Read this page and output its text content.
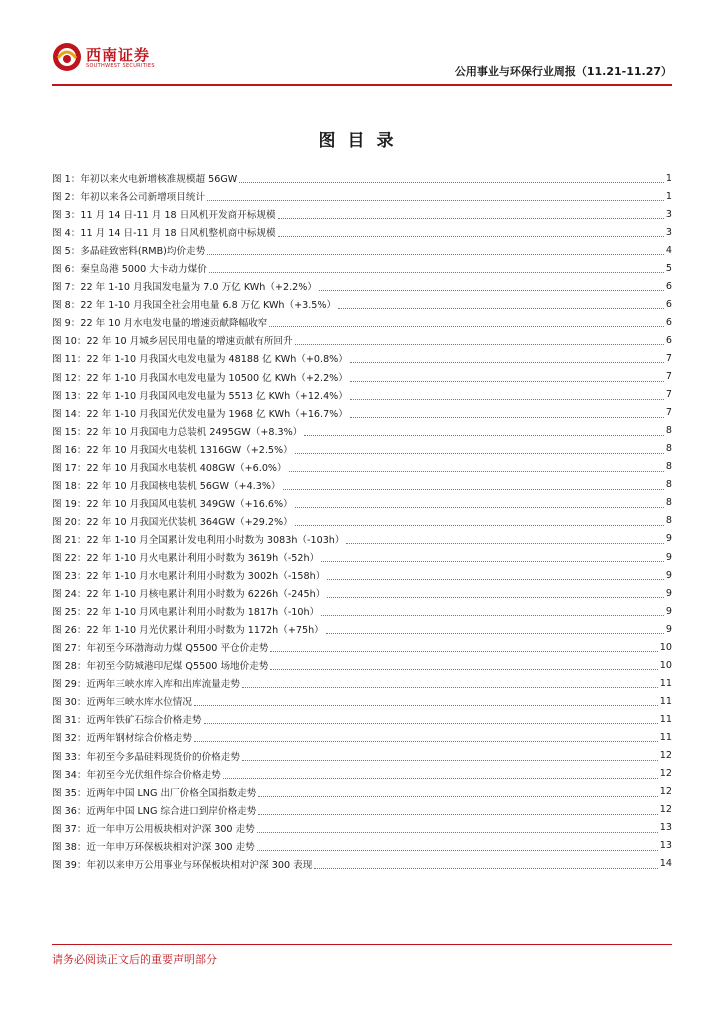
西南证券
SOUTHWEST SECURITIES	公用事业与环保行业周报（11.21-11.27）
图目录
图 1：年初以来火电新增核准规模超 56GW	1
图 2：年初以来各公司新增项目统计	1
图 3：11 月 14 日-11 月 18 日风机开发商开标规模	3
图 4：11 月 14 日-11 月 18 日风机整机商中标规模	3
图 5：多晶硅致密料(RMB)均价走势	4
图 6：秦皇岛港 5000 大卡动力煤价	5
图 7：22 年 1-10 月我国发电量为 7.0 万亿 KWh（+2.2%）	6
图 8：22 年 1-10 月我国全社会用电量 6.8 万亿 KWh（+3.5%）	6
图 9：22 年 10 月水电发电量的增速贡献降幅收窄	6
图 10：22 年 10 月城乡居民用电量的增速贡献有所回升	6
图 11：22 年 1-10 月我国火电发电量为 48188 亿 KWh（+0.8%）	7
图 12：22 年 1-10 月我国水电发电量为 10500 亿 KWh（+2.2%）	7
图 13：22 年 1-10 月我国风电发电量为 5513 亿 KWh（+12.4%）	7
图 14：22 年 1-10 月我国光伏发电量为 1968 亿 KWh（+16.7%）	7
图 15：22 年 10 月我国电力总装机 2495GW（+8.3%）	8
图 16：22 年 10 月我国火电装机 1316GW（+2.5%）	8
图 17：22 年 10 月我国水电装机 408GW（+6.0%）	8
图 18：22 年 10 月我国核电装机 56GW（+4.3%）	8
图 19：22 年 10 月我国风电装机 349GW（+16.6%）	8
图 20：22 年 10 月我国光伏装机 364GW（+29.2%）	8
图 21：22 年 1-10 月全国累计发电利用小时数为 3083h（-103h）	9
图 22：22 年 1-10 月火电累计利用小时数为 3619h（-52h）	9
图 23：22 年 1-10 月水电累计利用小时数为 3002h（-158h）	9
图 24：22 年 1-10 月核电累计利用小时数为 6226h（-245h）	9
图 25：22 年 1-10 月风电累计利用小时数为 1817h（-10h）	9
图 26：22 年 1-10 月光伏累计利用小时数为 1172h（+75h）	9
图 27：年初至今环渤海动力煤 Q5500 平仓价走势	10
图 28：年初至今防城港印尼煤 Q5500 场地价走势	10
图 29：近两年三峡水库入库和出库流量走势	11
图 30：近两年三峡水库水位情况	11
图 31：近两年铁矿石综合价格走势	11
图 32：近两年钢材综合价格走势	11
图 33：年初至今多晶硅料现货价的价格走势	12
图 34：年初至今光伏组件综合价格走势	12
图 35：近两年中国 LNG 出厂价格全国指数走势	12
图 36：近两年中国 LNG 综合进口到岸价格走势	12
图 37：近一年申万公用板块相对沪深 300 走势	13
图 38：近一年申万环保板块相对沪深 300 走势	13
图 39：年初以来申万公用事业与环保板块相对沪深 300 表现	14
请务必阅读正文后的重要声明部分
